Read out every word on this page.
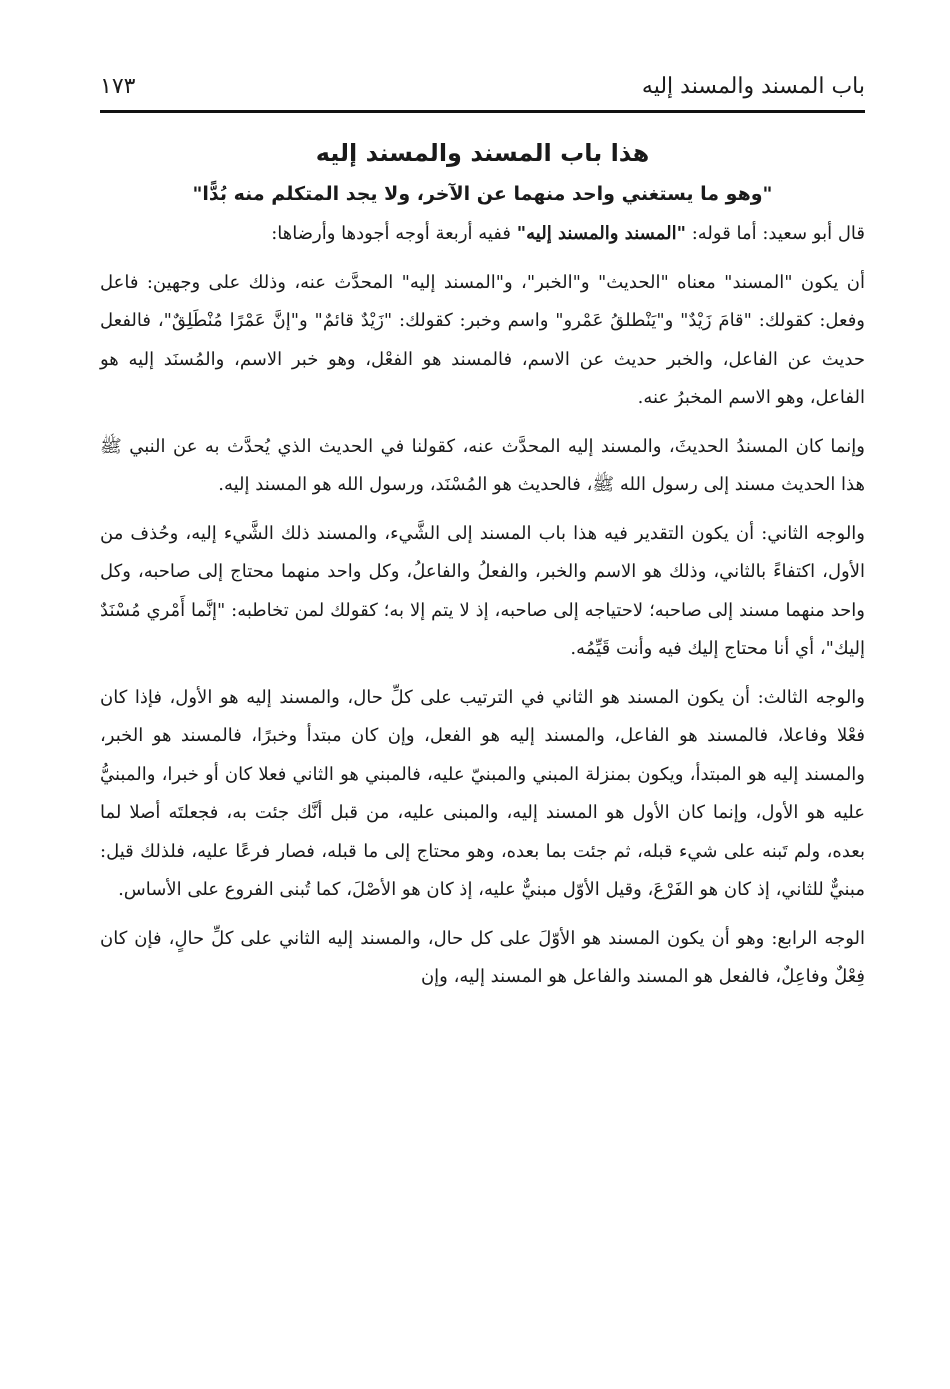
باب المسند والمسند إليه
١٧٣
هذا باب المسند والمسند إليه
"وهو ما يستغني واحد منهما عن الآخر، ولا يجد المتكلم منه بُدًّا"

قال أبو سعيد: أما قوله: "المسند والمسند إليه" ففيه أربعة أوجه أجودها وأرضاها:

أن يكون "المسند" معناه "الحديث" و"الخبر"، و"المسند إليه" المحدَّث عنه، وذلك على وجهين: فاعل وفعل: كقولك: "قامَ زَيْدٌ" و"يَنْطلقُ عَمْرو" واسم وخبر: كقولك: "زَيْدٌ قائمٌ" و"إنَّ عَمْرًا مُنْطَلِقٌ"، فالفعل حديث عن الفاعل، والخبر حديث عن الاسم، فالمسند هو الفعْل، وهو خبر الاسم، والمُسنَد إليه هو الفاعل، وهو الاسم المخبرُ عنه.

وإنما كان المسندُ الحديثَ، والمسند إليه المحدَّث عنه، كقولنا في الحديث الذي يُحدَّث به عن النبي ﷺ هذا الحديث مسند إلى رسول الله ﷺ، فالحديث هو المُسْنَد، ورسول الله هو المسند إليه.

والوجه الثاني: أن يكون التقدير فيه هذا باب المسند إلى الشَّيء، والمسند ذلك الشَّيء إليه، وحُذف من الأول، اكتفاءً بالثاني، وذلك هو الاسم والخبر، والفعلُ والفاعلُ، وكل واحد منهما محتاج إلى صاحبه، وكل واحد منهما مسند إلى صاحبه؛ لاحتياجه إلى صاحبه، إذ لا يتم إلا به؛ كقولك لمن تخاطبه: "إنَّما أَمْري مُسْنَدٌ إليك"، أي أنا محتاج إليك فيه وأنت قَيِّمُه.

والوجه الثالث: أن يكون المسند هو الثاني في الترتيب على كلِّ حال، والمسند إليه هو الأول، فإذا كان فعْلا وفاعلا، فالمسند هو الفاعل، والمسند إليه هو الفعل، وإن كان مبتدأ وخبرًا، فالمسند هو الخبر، والمسند إليه هو المبتدأ، ويكون بمنزلة المبني والمبنيّ عليه، فالمبني هو الثاني فعلا كان أو خبرا، والمبنيُّ عليه هو الأول، وإنما كان الأول هو المسند إليه، والمبنى عليه، من قبل أنَّك جئت به، فجعلتَه أصلا لما بعده، ولم تَبنه على شيء قبله، ثم جئت بما بعده، وهو محتاج إلى ما قبله، فصار فرعًا عليه، فلذلك قيل: مبنيٌّ للثاني، إذ كان هو الفَرْعَ، وقيل الأوّل مبنيٌّ عليه، إذ كان هو الأصْلَ، كما تُبنى الفروع على الأساس.

الوجه الرابع: وهو أن يكون المسند هو الأوّلَ على كل حال، والمسند إليه الثاني على كلِّ حالٍ، فإن كان فِعْلٌ وفاعِلٌ، فالفعل هو المسند والفاعل هو المسند إليه، وإن
